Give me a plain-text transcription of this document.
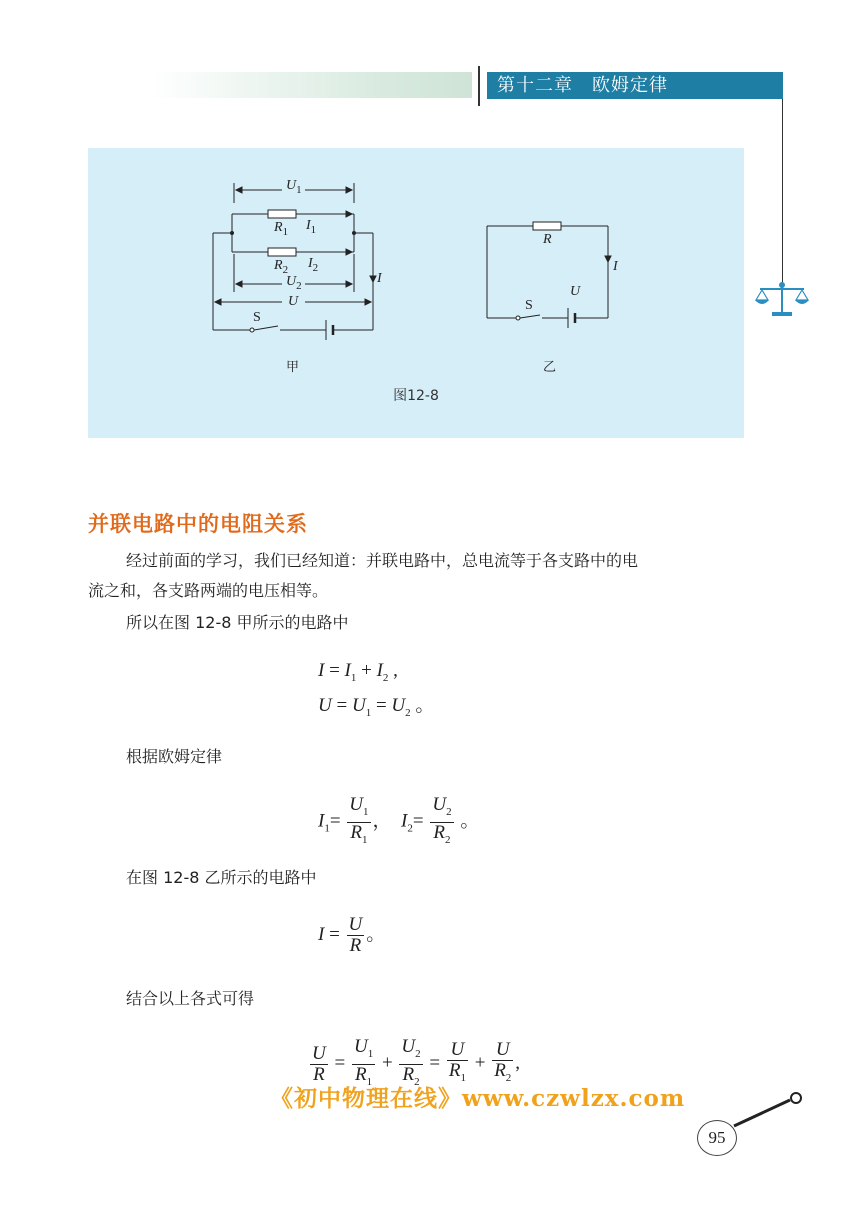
第十二章　欧姆定律
$U_1$
$R_1$ $I_1$
$R_2$ $I_2$
$U_2$
U
I
S
甲
R
I
U
S
乙
图12-8
并联电路中的电阻关系
经过前面的学习，我们已经知道：并联电路中，总电流等于各支路中的电
流之和，各支路两端的电压相等。
所以在图 12-8 甲所示的电路中
$I = I_1 + I_2$ ,
$U = U_1 = U_2$ 。
根据欧姆定律
$I_1= \frac{U_1}{R_1}$ ，  $I_2= \frac{U_2}{R_2}$ 。
在图 12-8 乙所示的电路中
$I = \frac{U}{R}$ 。
结合以上各式可得
$\frac{U}{R} = \frac{U_1}{R_1} + \frac{U_2}{R_2} = \frac{U}{R_1} + \frac{U}{R_2}$ ,
《初中物理在线》www.czwlzx.com
95
